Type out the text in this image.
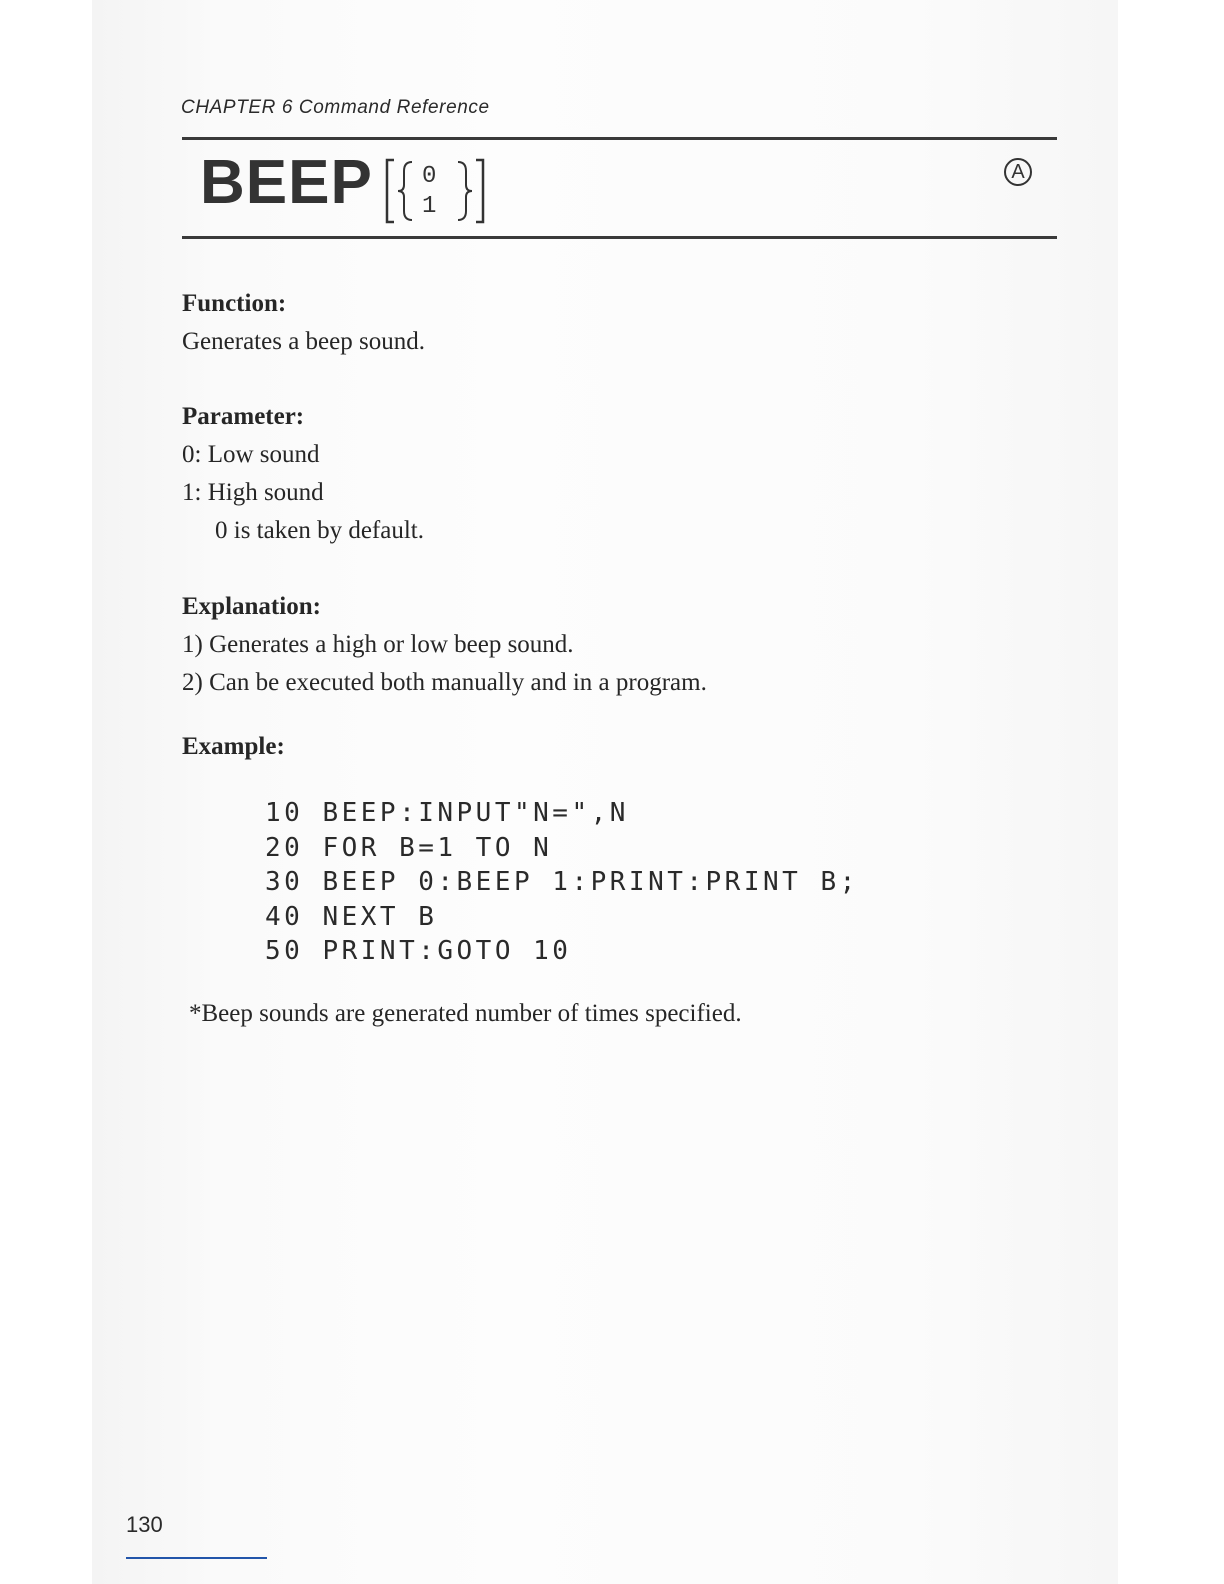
CHAPTER 6 Command Reference
BEEP 0
1
A
Function:
Generates a beep sound.
Parameter:
0: Low sound
1: High sound
0 is taken by default.
Explanation:
1) Generates a high or low beep sound.
2) Can be executed both manually and in a program.
Example:
10 BEEP:INPUT"N=",N
20 FOR B=1 TO N
30 BEEP 0:BEEP 1:PRINT:PRINT B;
40 NEXT B
50 PRINT:GOTO 10
*Beep sounds are generated number of times specified.
130
